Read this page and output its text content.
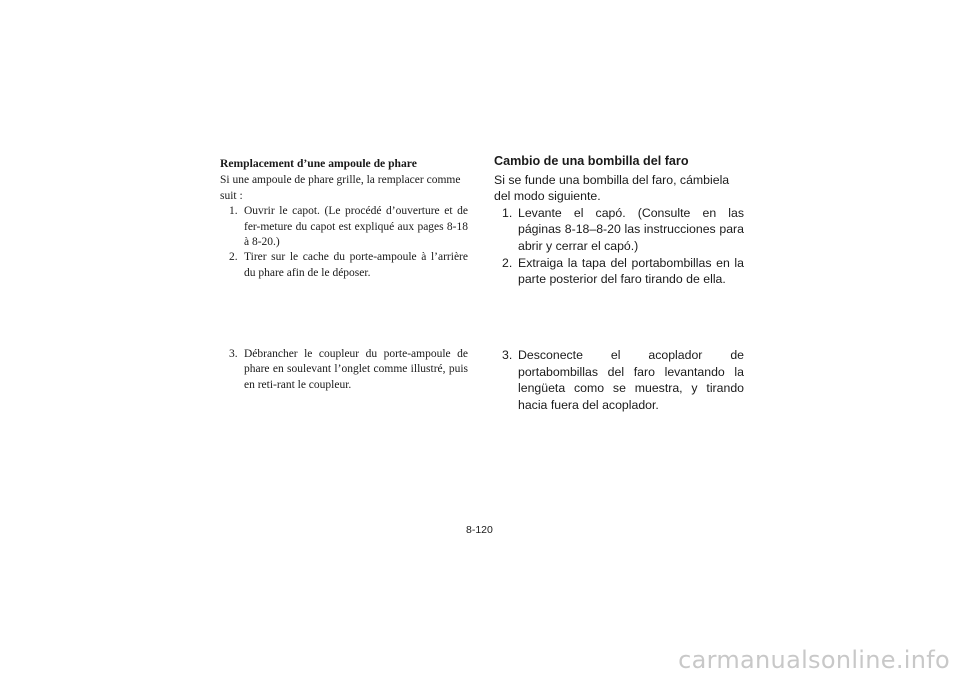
Remplacement d’une ampoule de phare

Si une ampoule de phare grille, la remplacer comme suit :

1. Ouvrir le capot. (Le procédé d’ouverture et de fer-meture du capot est expliqué aux pages 8-18 à 8-20.)
2. Tirer sur le cache du porte-ampoule à l’arrière du phare afin de le déposer.
3. Débrancher le coupleur du porte-ampoule de phare en soulevant l’onglet comme illustré, puis en reti-rant le coupleur.

Cambio de una bombilla del faro

Si se funde una bombilla del faro, cámbiela del modo siguiente.

1. Levante el capó. (Consulte en las páginas 8-18–8-20 las instrucciones para abrir y cerrar el capó.)
2. Extraiga la tapa del portabombillas en la parte posterior del faro tirando de ella.
3. Desconecte el acoplador de portabombillas del faro levantando la lengüeta como se muestra, y tirando hacia fuera del acoplador.
8-120
carmanualsonline.info
